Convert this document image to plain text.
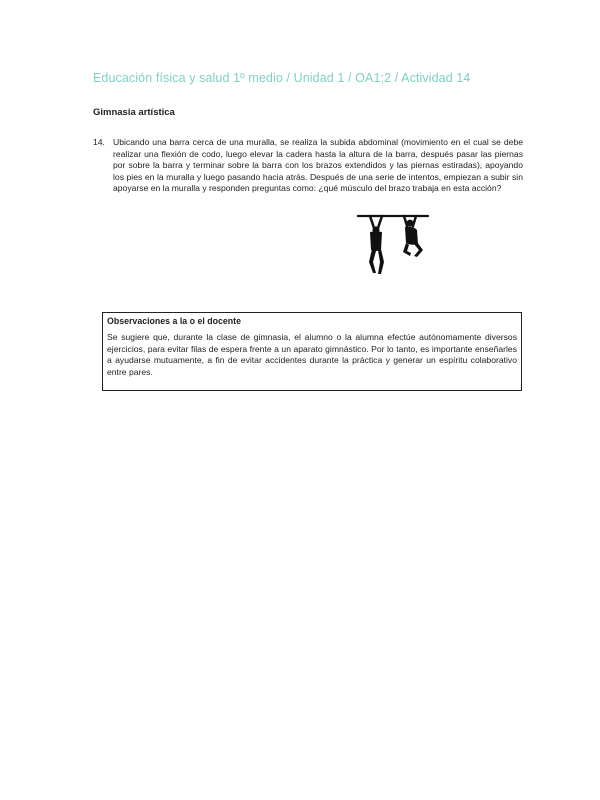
Educación física y salud 1º medio / Unidad 1 / OA1;2 / Actividad 14
Gimnasia artística
14. Ubicando una barra cerca de una muralla, se realiza la subida abdominal (movimiento en el cual se debe realizar una flexión de codo, luego elevar la cadera hasta la altura de la barra, después pasar las piernas por sobre la barra y terminar sobre la barra con los brazos extendidos y las piernas estiradas), apoyando los pies en la muralla y luego pasando hacia atrás. Después de una serie de intentos, empiezan a subir sin apoyarse en la muralla y responden preguntas como: ¿qué músculo del brazo trabaja en esta acción?
Observaciones a la o el docente
Se sugiere que, durante la clase de gimnasia, el alumno o la alumna efectúe autónomamente diversos ejercicios, para evitar filas de espera frente a un aparato gimnástico. Por lo tanto, es importante enseñarles a ayudarse mutuamente, a fin de evitar accidentes durante la práctica y generar un espíritu colaborativo entre pares.
